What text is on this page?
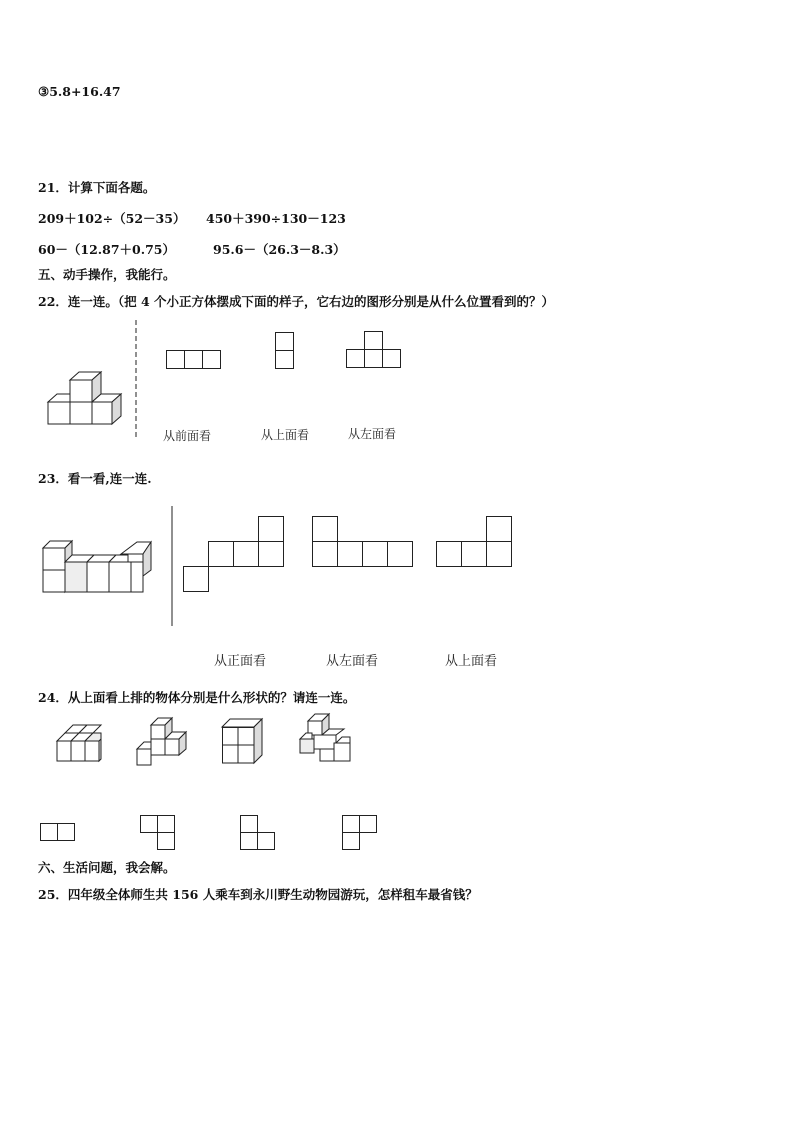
③5.8+16.47
21．计算下面各题。
209＋102÷（52－35） 450＋390÷130－123
60－（12.87＋0.75）	95.6－（26.3－8.3）
五、动手操作，我能行。
22．连一连。（把 4 个小正方体摆成下面的样子，它右边的图形分别是从什么位置看到的？）
从前面看	从上面看	从左面看
23．看一看,连一连.
从正面看	从左面看	从上面看
24．从上面看上排的物体分别是什么形状的？请连一连。
六、生活问题，我会解。
25．四年级全体师生共 156 人乘车到永川野生动物园游玩，怎样租车最省钱？
